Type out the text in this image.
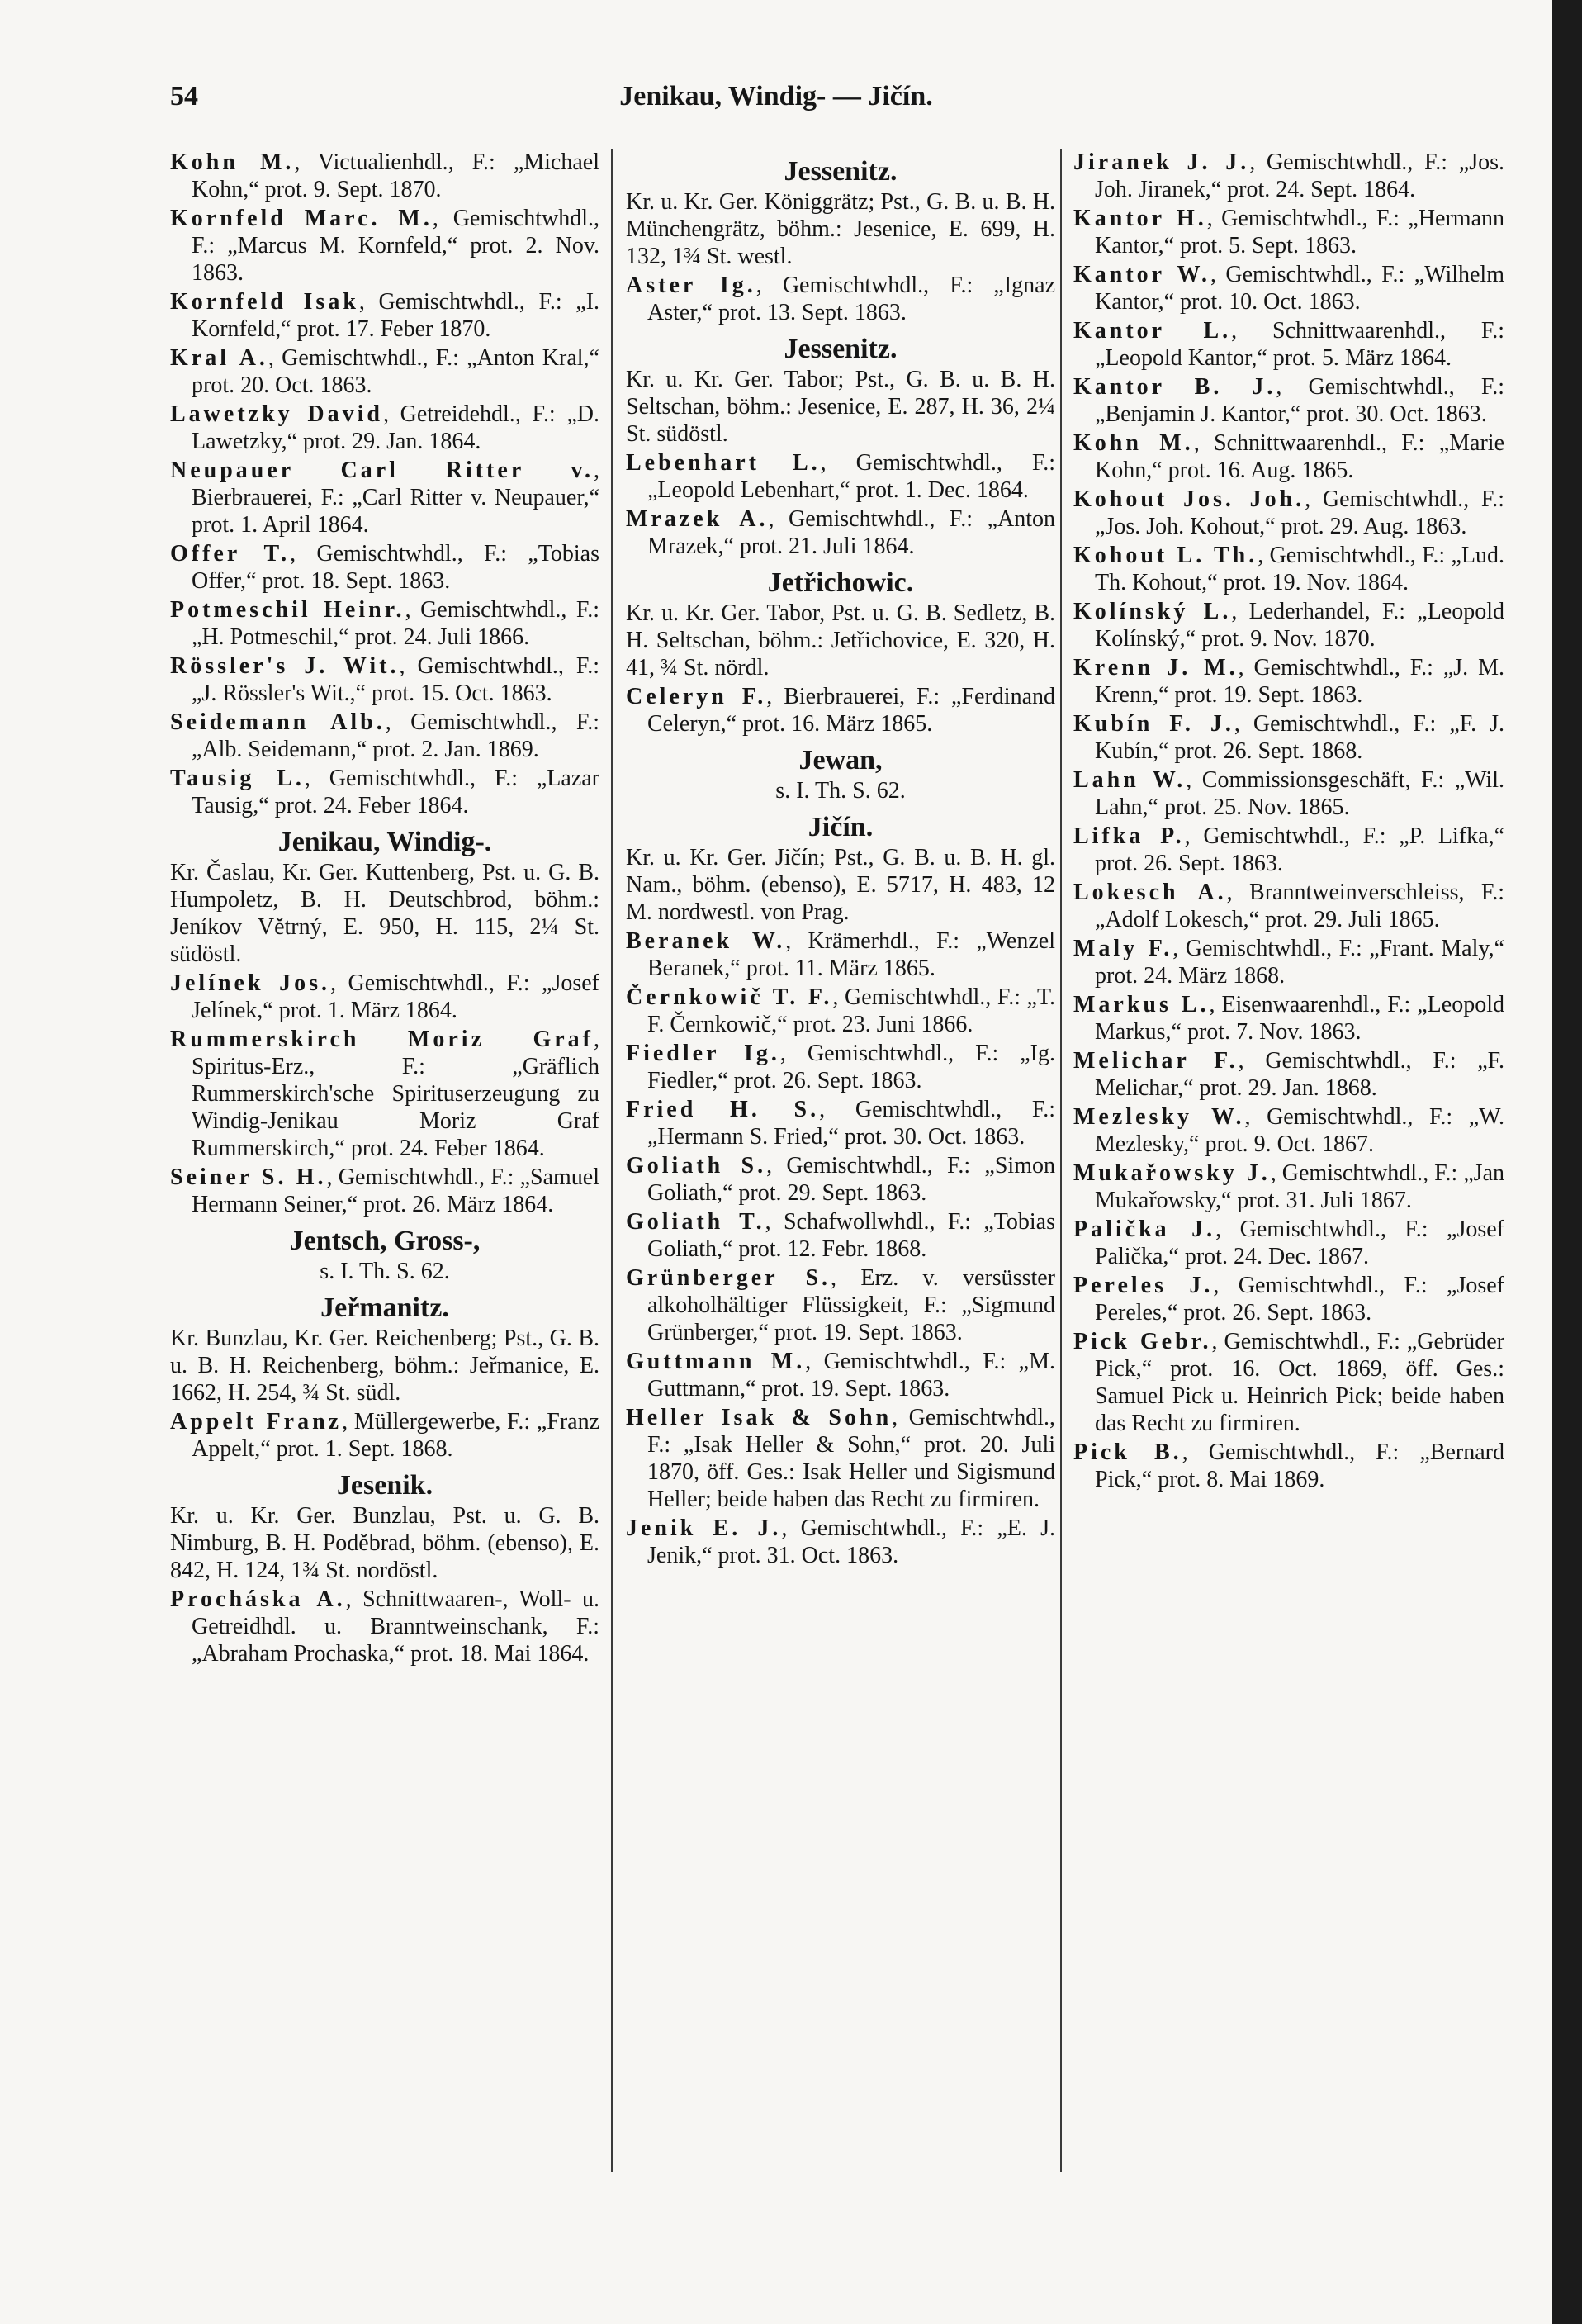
54	Jenikau, Windig- — Jičín.
Kohn M., Victualienhdl., F.: „Michael Kohn,“ prot. 9. Sept. 1870.
Kornfeld Marc. M., Gemischtwhdl., F.: „Marcus M. Kornfeld,“ prot. 2. Nov. 1863.
Kornfeld Isak, Gemischtwhdl., F.: „I. Kornfeld,“ prot. 17. Feber 1870.
Kral A., Gemischtwhdl., F.: „Anton Kral,“ prot. 20. Oct. 1863.
Lawetzky David, Getreidehdl., F.: „D. Lawetzky,“ prot. 29. Jan. 1864.
Neupauer Carl Ritter v., Bierbrauerei, F.: „Carl Ritter v. Neupauer,“ prot. 1. April 1864.
Offer T., Gemischtwhdl., F.: „Tobias Offer,“ prot. 18. Sept. 1863.
Potmeschil Heinr., Gemischtwhdl., F.: „H. Potmeschil,“ prot. 24. Juli 1866.
Rössler's J. Wit., Gemischtwhdl., F.: „J. Rössler's Wit.,“ prot. 15. Oct. 1863.
Seidemann Alb., Gemischtwhdl., F.: „Alb. Seidemann,“ prot. 2. Jan. 1869.
Tausig L., Gemischtwhdl., F.: „Lazar Tausig,“ prot. 24. Feber 1864.
Jenikau, Windig-.
Kr. Časlau, Kr. Ger. Kuttenberg, Pst. u. G. B. Humpoletz, B. H. Deutschbrod, böhm.: Jeníkov Větrný, E. 950, H. 115, 2¼ St. südöstl.
Jelínek Jos., Gemischtwhdl., F.: „Josef Jelínek,“ prot. 1. März 1864.
Rummerskirch Moriz Graf, Spiritus-Erz., F.: „Gräflich Rummerskirch'sche Spirituserzeugung zu Windig-Jenikau Moriz Graf Rummerskirch,“ prot. 24. Feber 1864.
Seiner S. H., Gemischtwhdl., F.: „Samuel Hermann Seiner,“ prot. 26. März 1864.
Jentsch, Gross-,
s. I. Th. S. 62.
Jeřmanitz.
Kr. Bunzlau, Kr. Ger. Reichenberg; Pst., G. B. u. B. H. Reichenberg, böhm.: Jeřmanice, E. 1662, H. 254, ¾ St. südl.
Appelt Franz, Müllergewerbe, F.: „Franz Appelt,“ prot. 1. Sept. 1868.
Jesenik.
Kr. u. Kr. Ger. Bunzlau, Pst. u. G. B. Nimburg, B. H. Poděbrad, böhm. (ebenso), E. 842, H. 124, 1¾ St. nordöstl.
Procháska A., Schnittwaaren-, Woll- u. Getreidhdl. u. Branntweinschank, F.: „Abraham Prochaska,“ prot. 18. Mai 1864.
Jessenitz.
Kr. u. Kr. Ger. Königgrätz; Pst., G. B. u. B. H. Münchengrätz, böhm.: Jesenice, E. 699, H. 132, 1¾ St. westl.
Aster Ig., Gemischtwhdl., F.: „Ignaz Aster,“ prot. 13. Sept. 1863.
Jessenitz.
Kr. u. Kr. Ger. Tabor; Pst., G. B. u. B. H. Seltschan, böhm.: Jesenice, E. 287, H. 36, 2¼ St. südöstl.
Lebenhart L., Gemischtwhdl., F.: „Leopold Lebenhart,“ prot. 1. Dec. 1864.
Mrazek A., Gemischtwhdl., F.: „Anton Mrazek,“ prot. 21. Juli 1864.
Jetřichowic.
Kr. u. Kr. Ger. Tabor, Pst. u. G. B. Sedletz, B. H. Seltschan, böhm.: Jetřichovice, E. 320, H. 41, ¾ St. nördl.
Celeryn F., Bierbrauerei, F.: „Ferdinand Celeryn,“ prot. 16. März 1865.
Jewan,
s. I. Th. S. 62.
Jičín.
Kr. u. Kr. Ger. Jičín; Pst., G. B. u. B. H. gl. Nam., böhm. (ebenso), E. 5717, H. 483, 12 M. nordwestl. von Prag.
Beranek W., Krämerhdl., F.: „Wenzel Beranek,“ prot. 11. März 1865.
Černkowič T. F., Gemischtwhdl., F.: „T. F. Černkowič,“ prot. 23. Juni 1866.
Fiedler Ig., Gemischtwhdl., F.: „Ig. Fiedler,“ prot. 26. Sept. 1863.
Fried H. S., Gemischtwhdl., F.: „Hermann S. Fried,“ prot. 30. Oct. 1863.
Goliath S., Gemischtwhdl., F.: „Simon Goliath,“ prot. 29. Sept. 1863.
Goliath T., Schafwollwhdl., F.: „Tobias Goliath,“ prot. 12. Febr. 1868.
Grünberger S., Erz. v. versüsster alkoholhältiger Flüssigkeit, F.: „Sigmund Grünberger,“ prot. 19. Sept. 1863.
Guttmann M., Gemischtwhdl., F.: „M. Guttmann,“ prot. 19. Sept. 1863.
Heller Isak & Sohn, Gemischtwhdl., F.: „Isak Heller & Sohn,“ prot. 20. Juli 1870, öff. Ges.: Isak Heller und Sigismund Heller; beide haben das Recht zu firmiren.
Jenik E. J., Gemischtwhdl., F.: „E. J. Jenik,“ prot. 31. Oct. 1863.
Jiranek J. J., Gemischtwhdl., F.: „Jos. Joh. Jiranek,“ prot. 24. Sept. 1864.
Kantor H., Gemischtwhdl., F.: „Hermann Kantor,“ prot. 5. Sept. 1863.
Kantor W., Gemischtwhdl., F.: „Wilhelm Kantor,“ prot. 10. Oct. 1863.
Kantor L., Schnittwaarenhdl., F.: „Leopold Kantor,“ prot. 5. März 1864.
Kantor B. J., Gemischtwhdl., F.: „Benjamin J. Kantor,“ prot. 30. Oct. 1863.
Kohn M., Schnittwaarenhdl., F.: „Marie Kohn,“ prot. 16. Aug. 1865.
Kohout Jos. Joh., Gemischtwhdl., F.: „Jos. Joh. Kohout,“ prot. 29. Aug. 1863.
Kohout L. Th., Gemischtwhdl., F.: „Lud. Th. Kohout,“ prot. 19. Nov. 1864.
Kolínský L., Lederhandel, F.: „Leopold Kolínský,“ prot. 9. Nov. 1870.
Krenn J. M., Gemischtwhdl., F.: „J. M. Krenn,“ prot. 19. Sept. 1863.
Kubín F. J., Gemischtwhdl., F.: „F. J. Kubín,“ prot. 26. Sept. 1868.
Lahn W., Commissionsgeschäft, F.: „Wil. Lahn,“ prot. 25. Nov. 1865.
Lifka P., Gemischtwhdl., F.: „P. Lifka,“ prot. 26. Sept. 1863.
Lokesch A., Branntweinverschleiss, F.: „Adolf Lokesch,“ prot. 29. Juli 1865.
Maly F., Gemischtwhdl., F.: „Frant. Maly,“ prot. 24. März 1868.
Markus L., Eisenwaarenhdl., F.: „Leopold Markus,“ prot. 7. Nov. 1863.
Melichar F., Gemischtwhdl., F.: „F. Melichar,“ prot. 29. Jan. 1868.
Mezlesky W., Gemischtwhdl., F.: „W. Mezlesky,“ prot. 9. Oct. 1867.
Mukařowsky J., Gemischtwhdl., F.: „Jan Mukařowsky,“ prot. 31. Juli 1867.
Palička J., Gemischtwhdl., F.: „Josef Palička,“ prot. 24. Dec. 1867.
Pereles J., Gemischtwhdl., F.: „Josef Pereles,“ prot. 26. Sept. 1863.
Pick Gebr., Gemischtwhdl., F.: „Gebrüder Pick,“ prot. 16. Oct. 1869, öff. Ges.: Samuel Pick u. Heinrich Pick; beide haben das Recht zu firmiren.
Pick B., Gemischtwhdl., F.: „Bernard Pick,“ prot. 8. Mai 1869.
